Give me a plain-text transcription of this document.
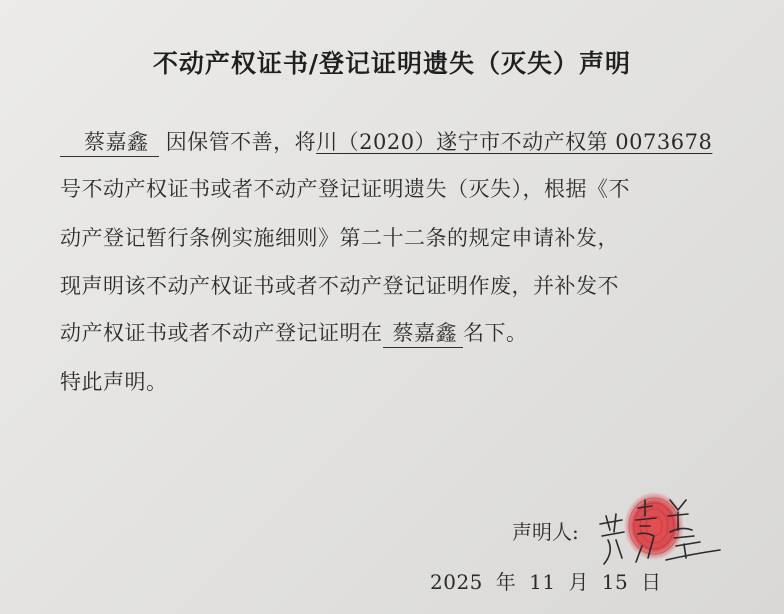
不动产权证书/登记证明遗失（灭失）声明
蔡嘉鑫 因保管不善，将川（2020）遂宁市不动产权第 0073678
号不动产权证书或者不动产登记证明遗失（灭失），根据《不
动产登记暂行条例实施细则》第二十二条的规定申请补发，
现声明该不动产权证书或者不动产登记证明作废，并补发不
动产权证书或者不动产登记证明在 蔡嘉鑫 名下。
特此声明。
声明人:
2025 年 11 月 15 日
